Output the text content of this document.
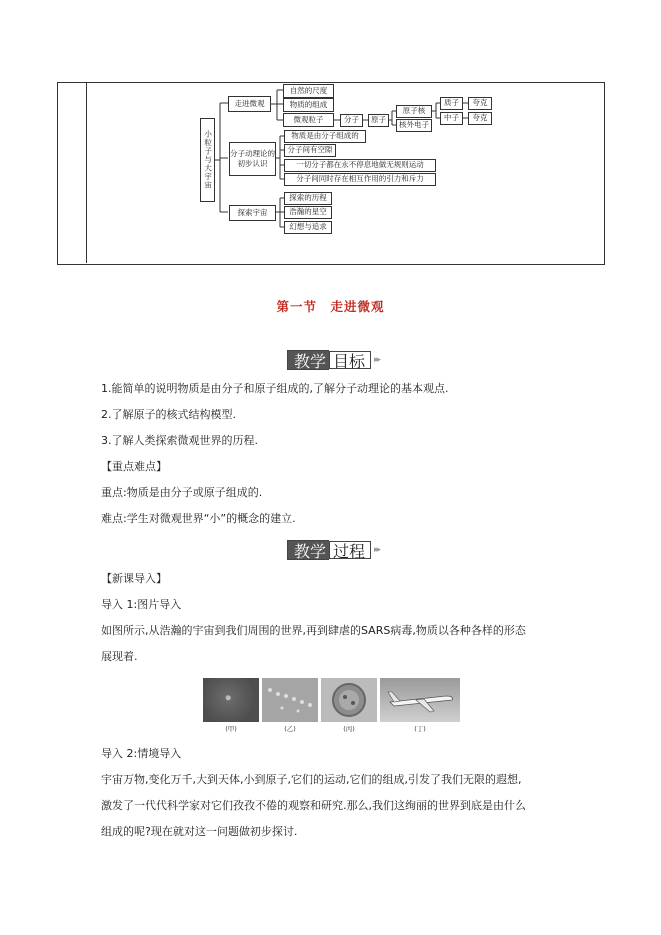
小粒子与大宇宙
走进微观
自然的尺度
物质的组成
微观粒子	分子	原子
原子核
核外电子
质子
中子
夸克
夸克
分子动理论的初步认识
物质是由分子组成的
分子间有空隙
一切分子都在永不停息地做无规则运动
分子间同时存在相互作用的引力和斥力
探索宇宙
探索的历程
浩瀚的星空
幻想与追求
第一节　走进微观
教学 目标	▸▸
1.能简单的说明物质是由分子和原子组成的,了解分子动理论的基本观点.
2.了解原子的核式结构模型.
3.了解人类探索微观世界的历程.
【重点难点】
重点:物质是由分子或原子组成的.
难点:学生对微观世界“小”的概念的建立.
教学 过程	▸▸
【新课导入】
导入 1:图片导入
如图所示,从浩瀚的宇宙到我们周围的世界,再到肆虐的SARS病毒,物质以各种各样的形态
展现着.
(甲)	(乙)	(丙)	(丁)
导入 2:情境导入
宇宙万物,变化万千,大到天体,小到原子,它们的运动,它们的组成,引发了我们无限的遐想,
激发了一代代科学家对它们孜孜不倦的观察和研究.那么,我们这绚丽的世界到底是由什么
组成的呢?现在就对这一问题做初步探讨.
